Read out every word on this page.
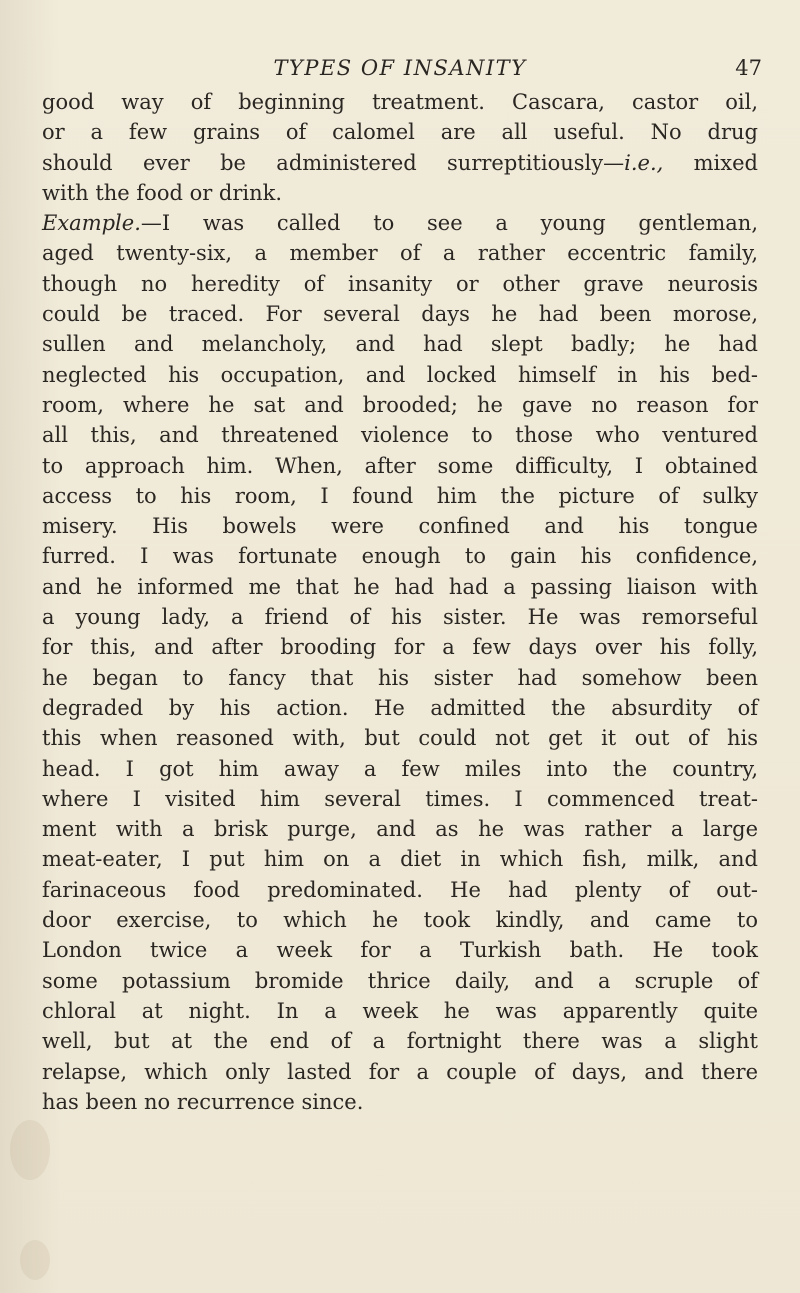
TYPES OF INSANITY	47
good way of beginning treatment. Cascara, castor oil,
or a few grains of calomel are all useful. No drug
should ever be administered surreptitiously—i.e., mixed
with the food or drink.
Example.—I was called to see a young gentleman,
aged twenty-six, a member of a rather eccentric family,
though no heredity of insanity or other grave neurosis
could be traced. For several days he had been morose,
sullen and melancholy, and had slept badly; he had
neglected his occupation, and locked himself in his bed-
room, where he sat and brooded; he gave no reason for
all this, and threatened violence to those who ventured
to approach him. When, after some difficulty, I obtained
access to his room, I found him the picture of sulky
misery. His bowels were confined and his tongue
furred. I was fortunate enough to gain his confidence,
and he informed me that he had had a passing liaison with
a young lady, a friend of his sister. He was remorseful
for this, and after brooding for a few days over his folly,
he began to fancy that his sister had somehow been
degraded by his action. He admitted the absurdity of
this when reasoned with, but could not get it out of his
head. I got him away a few miles into the country,
where I visited him several times. I commenced treat-
ment with a brisk purge, and as he was rather a large
meat-eater, I put him on a diet in which fish, milk, and
farinaceous food predominated. He had plenty of out-
door exercise, to which he took kindly, and came to
London twice a week for a Turkish bath. He took
some potassium bromide thrice daily, and a scruple of
chloral at night. In a week he was apparently quite
well, but at the end of a fortnight there was a slight
relapse, which only lasted for a couple of days, and there
has been no recurrence since.
